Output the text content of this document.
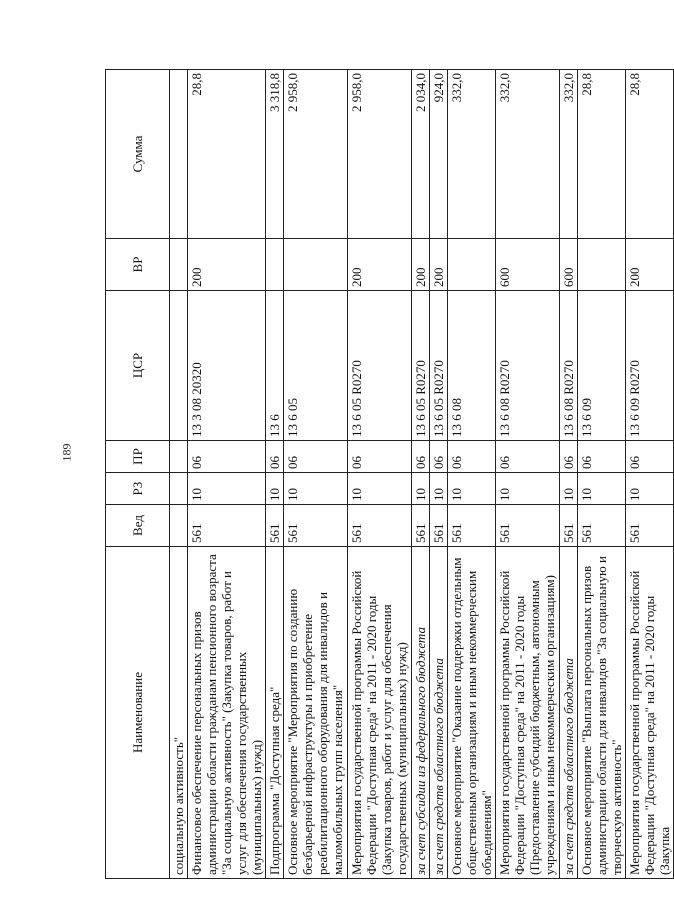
189
Наименование	Вед	РЗ	ПР	ЦСР	ВР	Сумма
социальную активность"						
Финансовое обеспечение персональных призов администрации области гражданам пенсионного возраста "За социальную активность" (Закупка товаров, работ и услуг для обеспечения государственных (муниципальных) нужд)	561	10	06	13 3 08 20320	200	28,8
Подпрограмма "Доступная среда"	561	10	06	13 6		3 318,8
Основное мероприятие "Мероприятия по созданию безбарьерной инфраструктуры и приобретение реабилитационного оборудования для инвалидов и маломобильных групп населения"	561	10	06	13 6 05		2 958,0
Мероприятия государственной программы Российской Федерации "Доступная среда" на 2011 - 2020 годы (Закупка товаров, работ и услуг для обеспечения государственных (муниципальных) нужд)	561	10	06	13 6 05 R0270	200	2 958,0
за счет субсидии из федерального бюджета	561	10	06	13 6 05 R0270	200	2 034,0
за счет средств областного бюджета	561	10	06	13 6 05 R0270	200	924,0
Основное мероприятие "Оказание поддержки отдельным общественным организациям и иным некоммерческим объединениям"	561	10	06	13 6 08		332,0
Мероприятия государственной программы Российской Федерации "Доступная среда" на 2011 - 2020 годы (Предоставление субсидий бюджетным, автономным учреждениям и иным некоммерческим организациям)	561	10	06	13 6 08 R0270	600	332,0
за счет средств областного бюджета	561	10	06	13 6 08 R0270	600	332,0
Основное мероприятие "Выплата персональных призов администрации области для инвалидов "За социальную и творческую активность"	561	10	06	13 6 09		28,8
Мероприятия государственной программы Российской Федерации "Доступная среда" на 2011 - 2020 годы (Закупка	561	10	06	13 6 09 R0270	200	28,8
